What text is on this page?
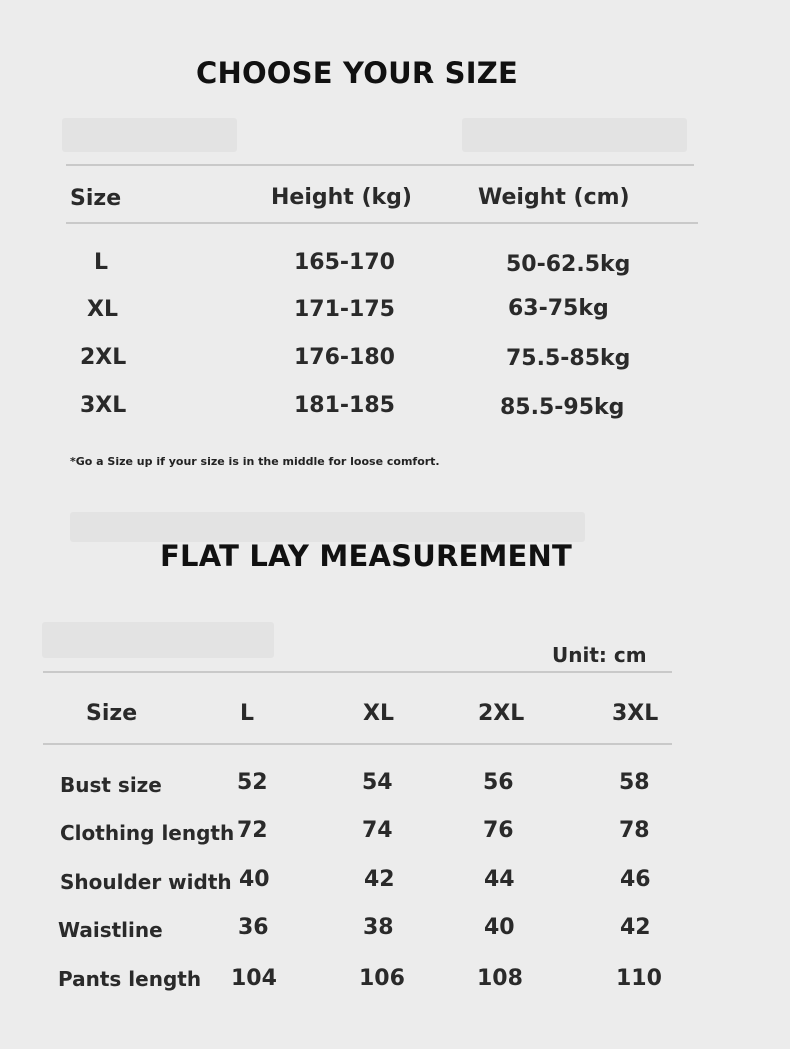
CHOOSE YOUR SIZE
Size	Height (kg)	Weight (cm)
L	165-170	50-62.5kg
XL	171-175	63-75kg
2XL	176-180	75.5-85kg
3XL	181-185	85.5-95kg
*Go a Size up if your size is in the middle for loose comfort.
FLAT LAY MEASUREMENT
Unit: cm
Size	L	XL	2XL	3XL
Bust size	52	54	56	58
Clothing length 72	74	76	78
Shoulder width 40	42	44	46
Waistline	36	38	40	42
Pants length 104	106	108	110
